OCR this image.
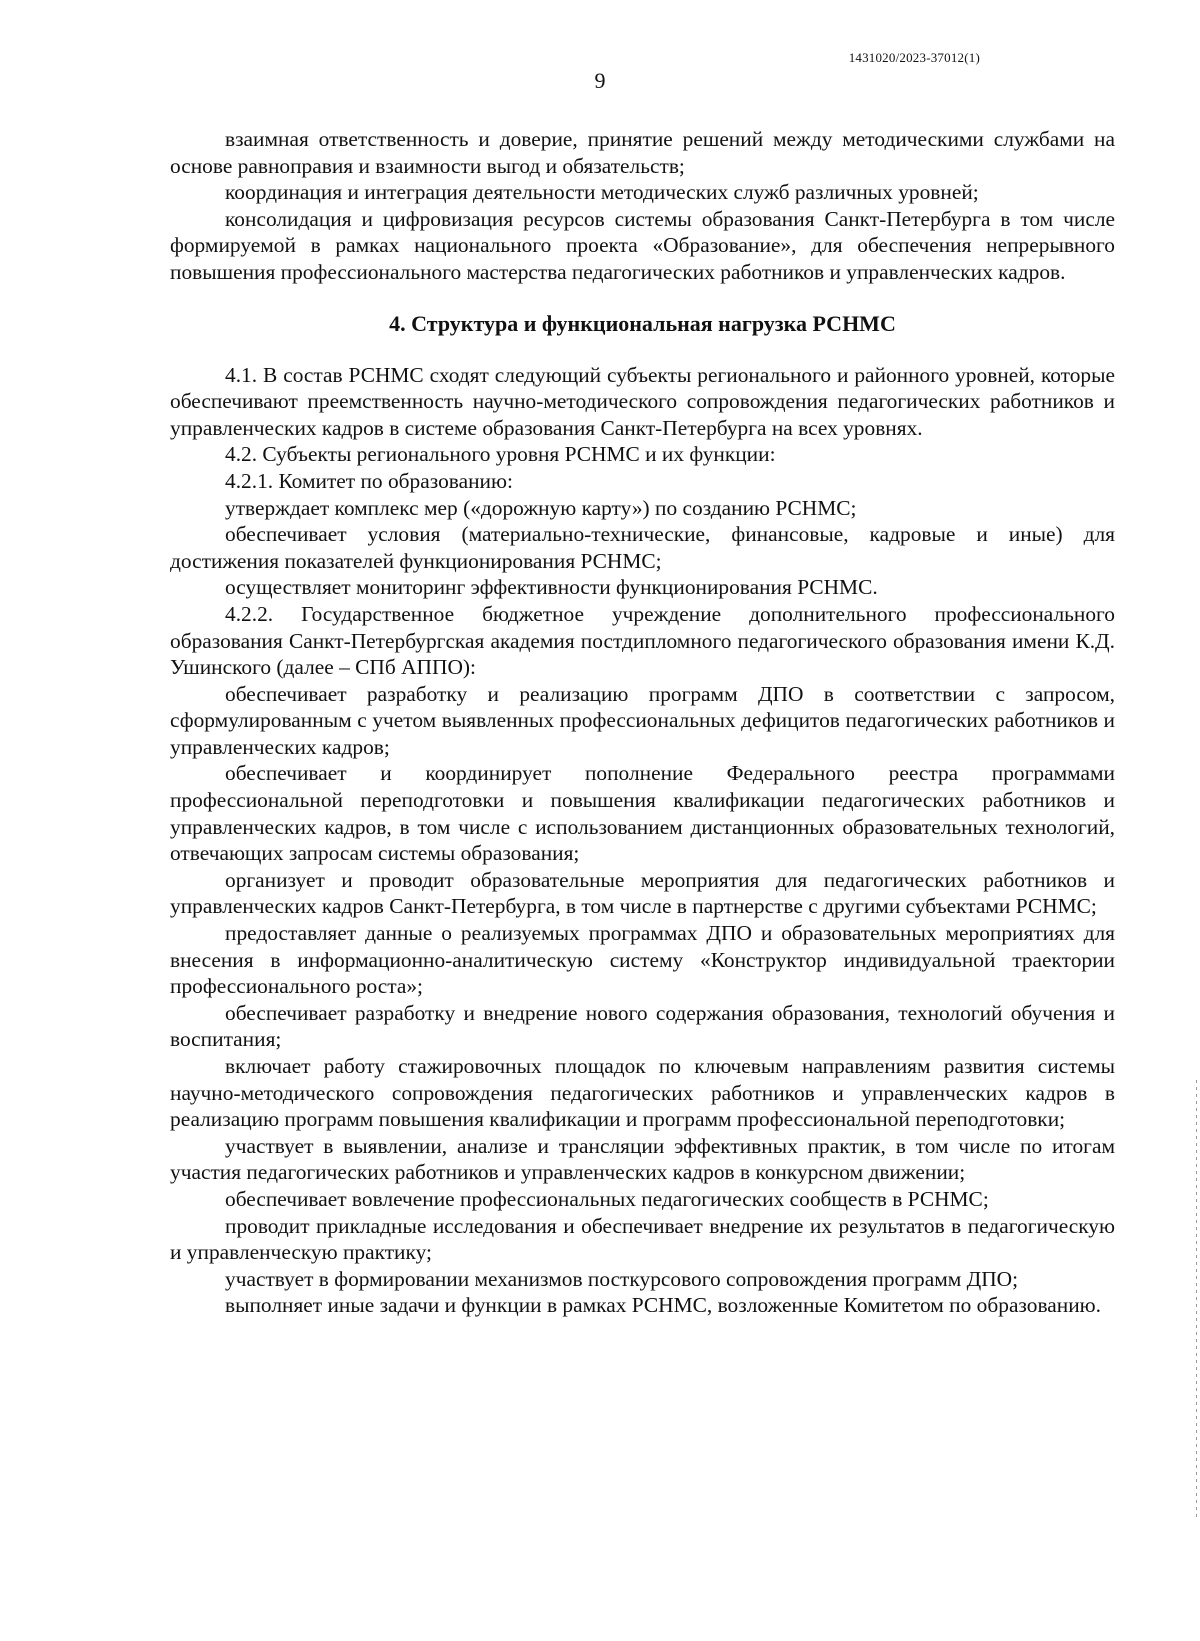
1431020/2023-37012(1)
9

взаимная ответственность и доверие, принятие решений между методическими службами на основе равноправия и взаимности выгод и обязательств;

координация и интеграция деятельности методических служб различных уровней;

консолидация и цифровизация ресурсов системы образования Санкт-Петербурга в том числе формируемой в рамках национального проекта «Образование», для обеспечения непрерывного повышения профессионального мастерства педагогических работников и управленческих кадров.

4. Структура и функциональная нагрузка РСНМС

4.1. В состав РСНМС сходят следующий субъекты регионального и районного уровней, которые обеспечивают преемственность научно-методического сопровождения педагогических работников и управленческих кадров в системе образования Санкт-Петербурга на всех уровнях.

4.2. Субъекты регионального уровня РСНМС и их функции:

4.2.1. Комитет по образованию:

утверждает комплекс мер («дорожную карту») по созданию РСНМС;

обеспечивает условия (материально-технические, финансовые, кадровые и иные) для достижения показателей функционирования РСНМС;

осуществляет мониторинг эффективности функционирования РСНМС.

4.2.2. Государственное бюджетное учреждение дополнительного профессионального образования Санкт-Петербургская академия постдипломного педагогического образования имени К.Д. Ушинского (далее – СПб АППО):

обеспечивает разработку и реализацию программ ДПО в соответствии с запросом, сформулированным с учетом выявленных профессиональных дефицитов педагогических работников и управленческих кадров;

обеспечивает и координирует пополнение Федерального реестра программами профессиональной переподготовки и повышения квалификации педагогических работников и управленческих кадров, в том числе с использованием дистанционных образовательных технологий, отвечающих запросам системы образования;

организует и проводит образовательные мероприятия для педагогических работников и управленческих кадров Санкт-Петербурга, в том числе в партнерстве с другими субъектами РСНМС;

предоставляет данные о реализуемых программах ДПО и образовательных мероприятиях для внесения в информационно-аналитическую систему «Конструктор индивидуальной траектории профессионального роста»;

обеспечивает разработку и внедрение нового содержания образования, технологий обучения и воспитания;

включает работу стажировочных площадок по ключевым направлениям развития системы научно-методического сопровождения педагогических работников и управленческих кадров в реализацию программ повышения квалификации и программ профессиональной переподготовки;

участвует в выявлении, анализе и трансляции эффективных практик, в том числе по итогам участия педагогических работников и управленческих кадров в конкурсном движении;

обеспечивает вовлечение профессиональных педагогических сообществ в РСНМС;

проводит прикладные исследования и обеспечивает внедрение их результатов в педагогическую и управленческую практику;

участвует в формировании механизмов посткурсового сопровождения программ ДПО;

выполняет иные задачи и функции в рамках РСНМС, возложенные Комитетом по образованию.
